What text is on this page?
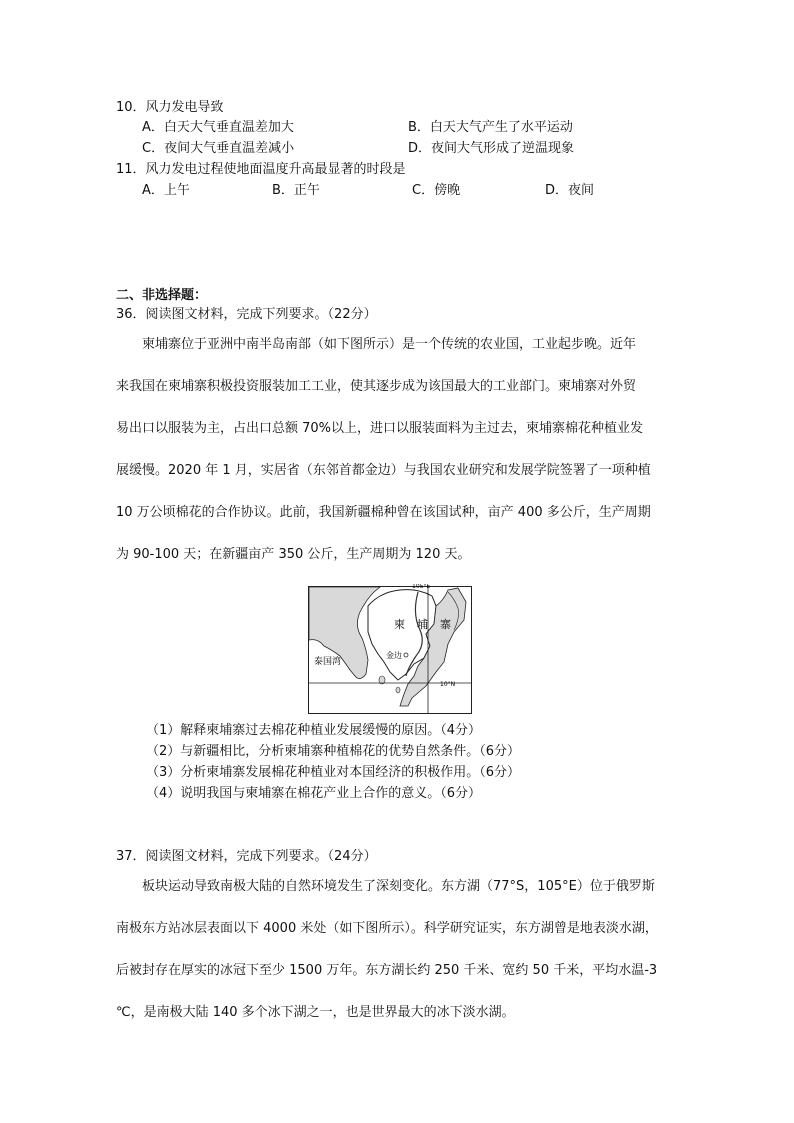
10．风力发电导致
A．白天大气垂直温差加大	B．白天大气产生了水平运动
C．夜间大气垂直温差减小	D．夜间大气形成了逆温现象
11．风力发电过程使地面温度升高最显著的时段是
A．上午	B．正午	C．傍晚	D．夜间
二、非选择题：
36．阅读图文材料，完成下列要求。（22分）
柬埔寨位于亚洲中南半岛南部（如下图所示）是一个传统的农业国，工业起步晚。近年
来我国在柬埔寨积极投资服装加工工业，使其逐步成为该国最大的工业部门。柬埔寨对外贸
易出口以服装为主，占出口总额 70%以上，进口以服装面料为主过去，柬埔寨棉花种植业发
展缓慢。2020 年 1 月，实居省（东邻首都金边）与我国农业研究和发展学院签署了一项种植
10 万公顷棉花的合作协议。此前，我国新疆棉种曾在该国试种，亩产 400 多公斤，生产周期
为 90-100 天；在新疆亩产 350 公斤，生产周期为 120 天。
105°E
10°N
柬 埔 寨
金边
泰国湾
（1）解释柬埔寨过去棉花种植业发展缓慢的原因。（4分）
（2）与新疆相比，分析柬埔寨种植棉花的优势自然条件。（6分）
（3）分析柬埔寨发展棉花种植业对本国经济的积极作用。（6分）
（4）说明我国与柬埔寨在棉花产业上合作的意义。（6分）
37．阅读图文材料，完成下列要求。（24分）
板块运动导致南极大陆的自然环境发生了深刻变化。东方湖（77°S，105°E）位于俄罗斯
南极东方站冰层表面以下 4000 米处（如下图所示）。科学研究证实，东方湖曾是地表淡水湖，
后被封存在厚实的冰冠下至少 1500 万年。东方湖长约 250 千米、宽约 50 千米，平均水温-3
℃，是南极大陆 140 多个冰下湖之一，也是世界最大的冰下淡水湖。
